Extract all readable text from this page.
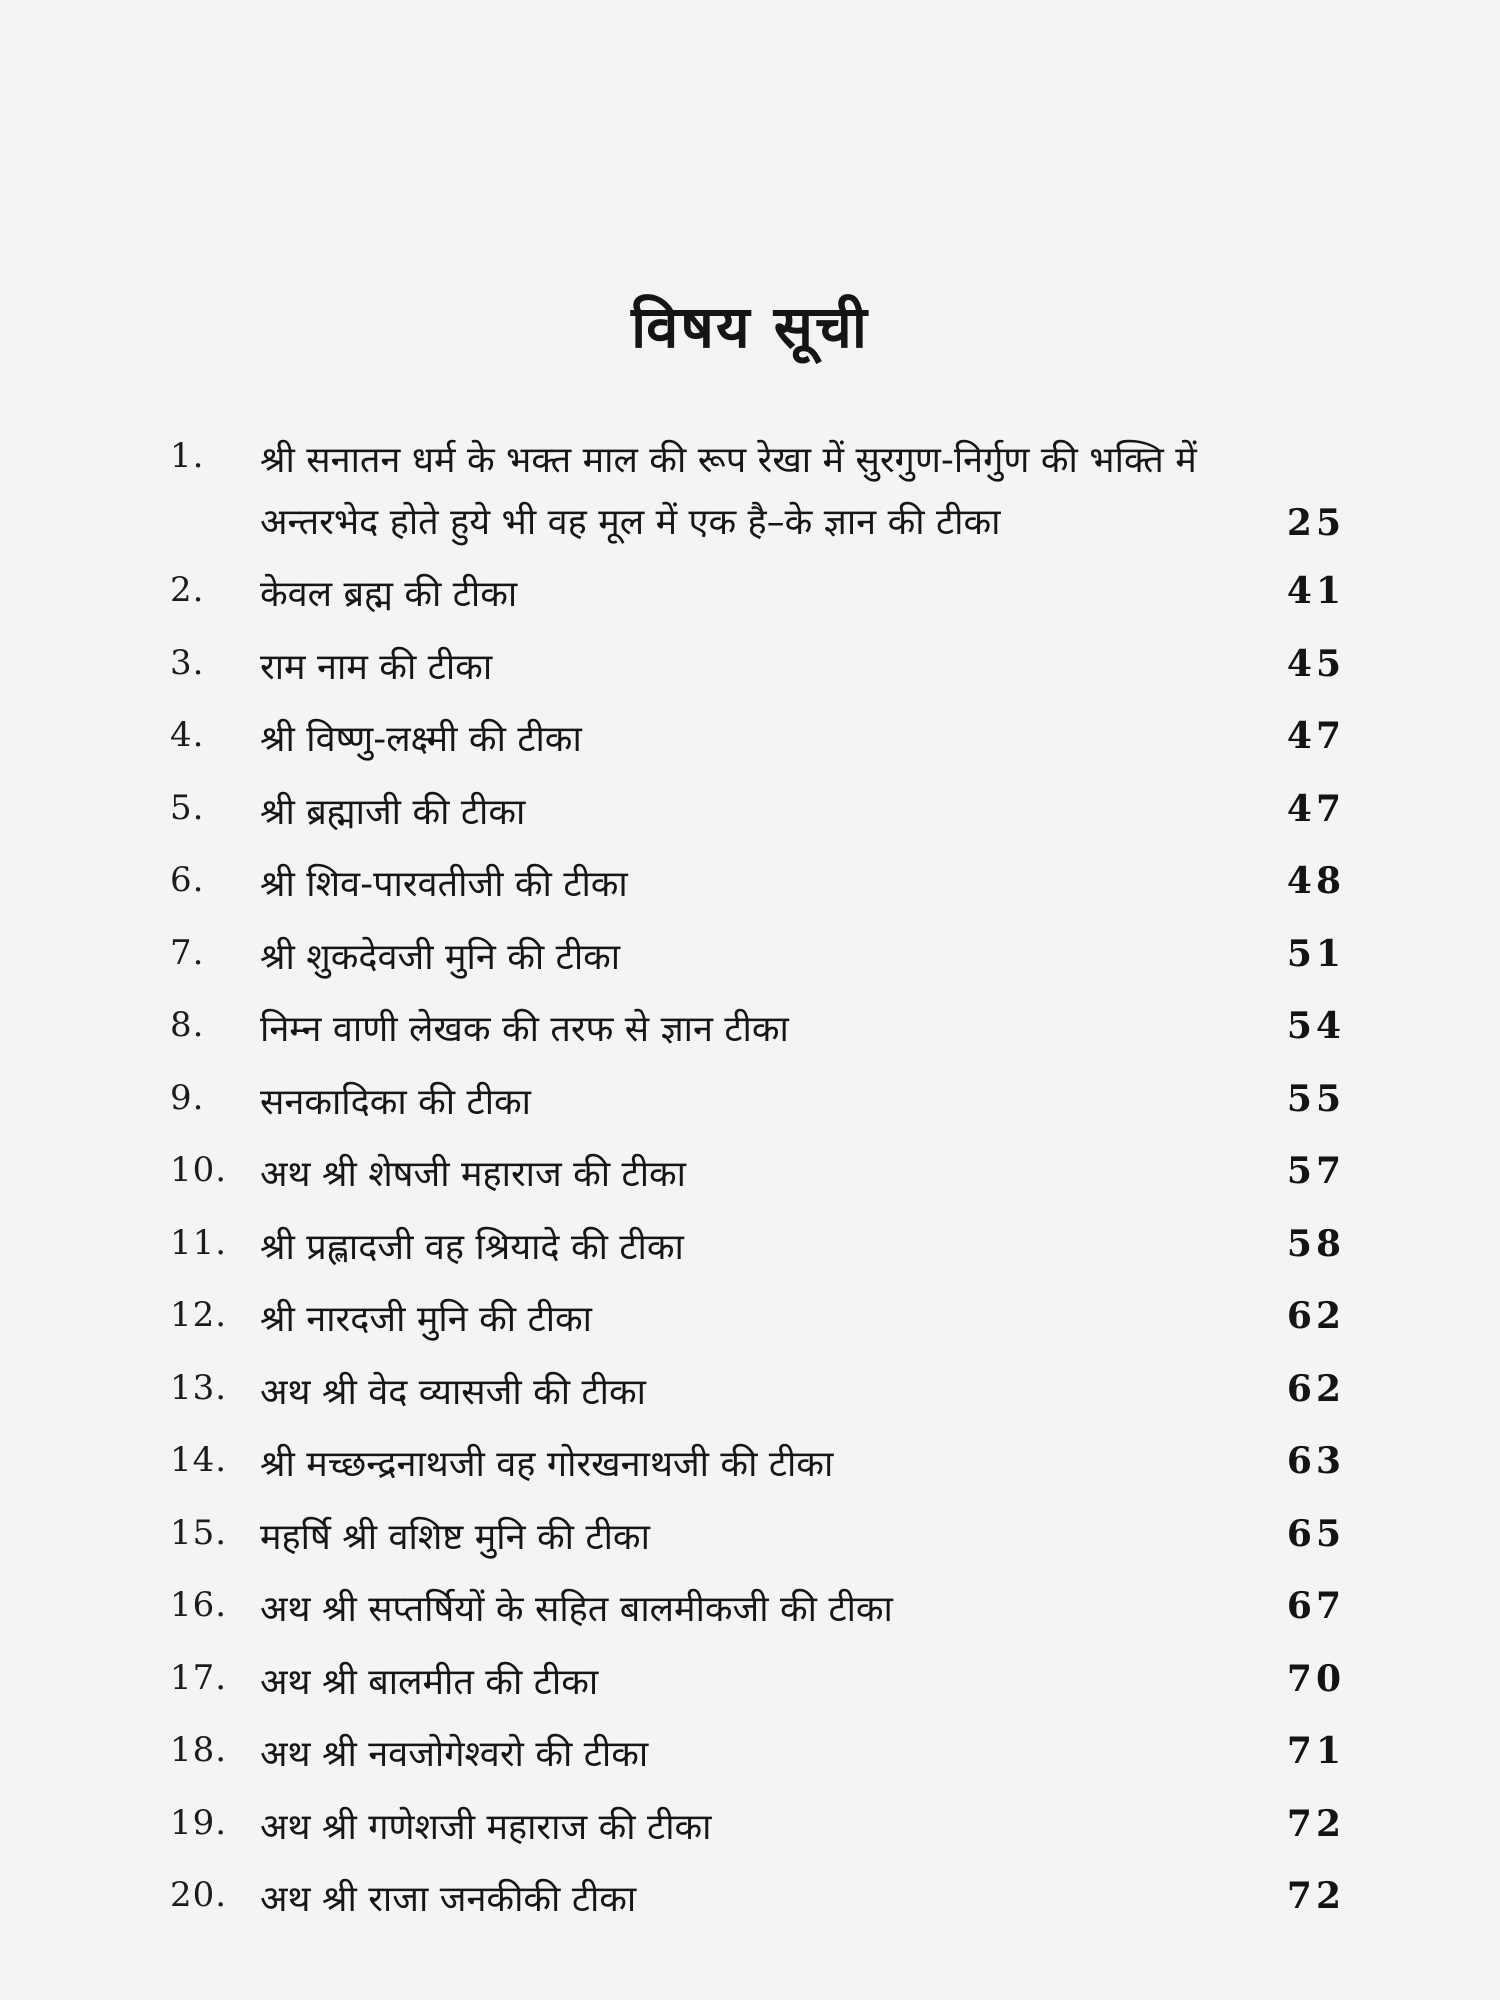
विषय सूची
1. श्री सनातन धर्म के भक्त माल की रूप रेखा में सुरगुण-निर्गुण की भक्ति में अन्तरभेद होते हुये भी वह मूल में एक है–के ज्ञान की टीका	25
2. केवल ब्रह्म की टीका	41
3. राम नाम की टीका	45
4. श्री विष्णु-लक्ष्मी की टीका	47
5. श्री ब्रह्माजी की टीका	47
6. श्री शिव-पारवतीजी की टीका	48
7. श्री शुकदेवजी मुनि की टीका	51
8. निम्न वाणी लेखक की तरफ से ज्ञान टीका	54
9. सनकादिका की टीका	55
10. अथ श्री शेषजी महाराज की टीका	57
11. श्री प्रह्लादजी वह श्रियादे की टीका	58
12. श्री नारदजी मुनि की टीका	62
13. अथ श्री वेद व्यासजी की टीका	62
14. श्री मच्छन्द्रनाथजी वह गोरखनाथजी की टीका	63
15. महर्षि श्री वशिष्ट मुनि की टीका	65
16. अथ श्री सप्तर्षियों के सहित बालमीकजी की टीका	67
17. अथ श्री बालमीत की टीका	70
18. अथ श्री नवजोगेश्वरो की टीका	71
19. अथ श्री गणेशजी महाराज की टीका	72
20. अथ श्री राजा जनकीकी टीका	72
